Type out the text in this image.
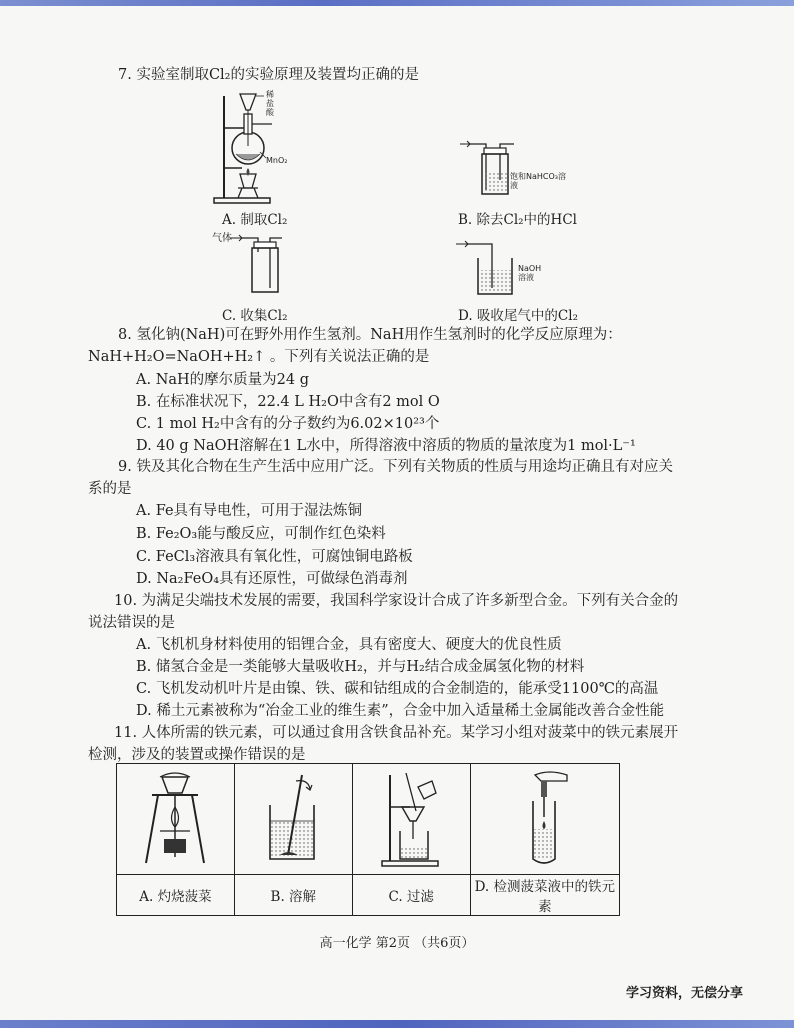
7. 实验室制取Cl₂的实验原理及装置均正确的是
稀盐酸
MnO₂
饱和NaHCO₃溶液
A. 制取Cl₂	B. 除去Cl₂中的HCl
气体
NaOH溶液
C. 收集Cl₂	D. 吸收尾气中的Cl₂
8. 氢化钠(NaH)可在野外用作生氢剂。NaH用作生氢剂时的化学反应原理为：
NaH+H₂O=NaOH+H₂↑ 。下列有关说法正确的是
A. NaH的摩尔质量为24 g
B. 在标准状况下，22.4 L H₂O中含有2 mol O
C. 1 mol H₂中含有的分子数约为6.02×10²³个
D. 40 g NaOH溶解在1 L水中，所得溶液中溶质的物质的量浓度为1 mol·L⁻¹
9. 铁及其化合物在生产生活中应用广泛。下列有关物质的性质与用途均正确且有对应关
系的是
A. Fe具有导电性，可用于湿法炼铜
B. Fe₂O₃能与酸反应，可制作红色染料
C. FeCl₃溶液具有氧化性，可腐蚀铜电路板
D. Na₂FeO₄具有还原性，可做绿色消毒剂
10. 为满足尖端技术发展的需要，我国科学家设计合成了许多新型合金。下列有关合金的
说法错误的是
A. 飞机机身材料使用的铝锂合金，具有密度大、硬度大的优良性质
B. 储氢合金是一类能够大量吸收H₂，并与H₂结合成金属氢化物的材料
C. 飞机发动机叶片是由镍、铁、碳和钴组成的合金制造的，能承受1100℃的高温
D. 稀土元素被称为“冶金工业的维生素”，合金中加入适量稀土金属能改善合金性能
11. 人体所需的铁元素，可以通过食用含铁食品补充。某学习小组对菠菜中的铁元素展开
检测，涉及的装置或操作错误的是

A. 灼烧菠菜	B. 溶解	C. 过滤	D. 检测菠菜液中的铁元素
高一化学 第2页 （共6页）
学习资料，无偿分享
